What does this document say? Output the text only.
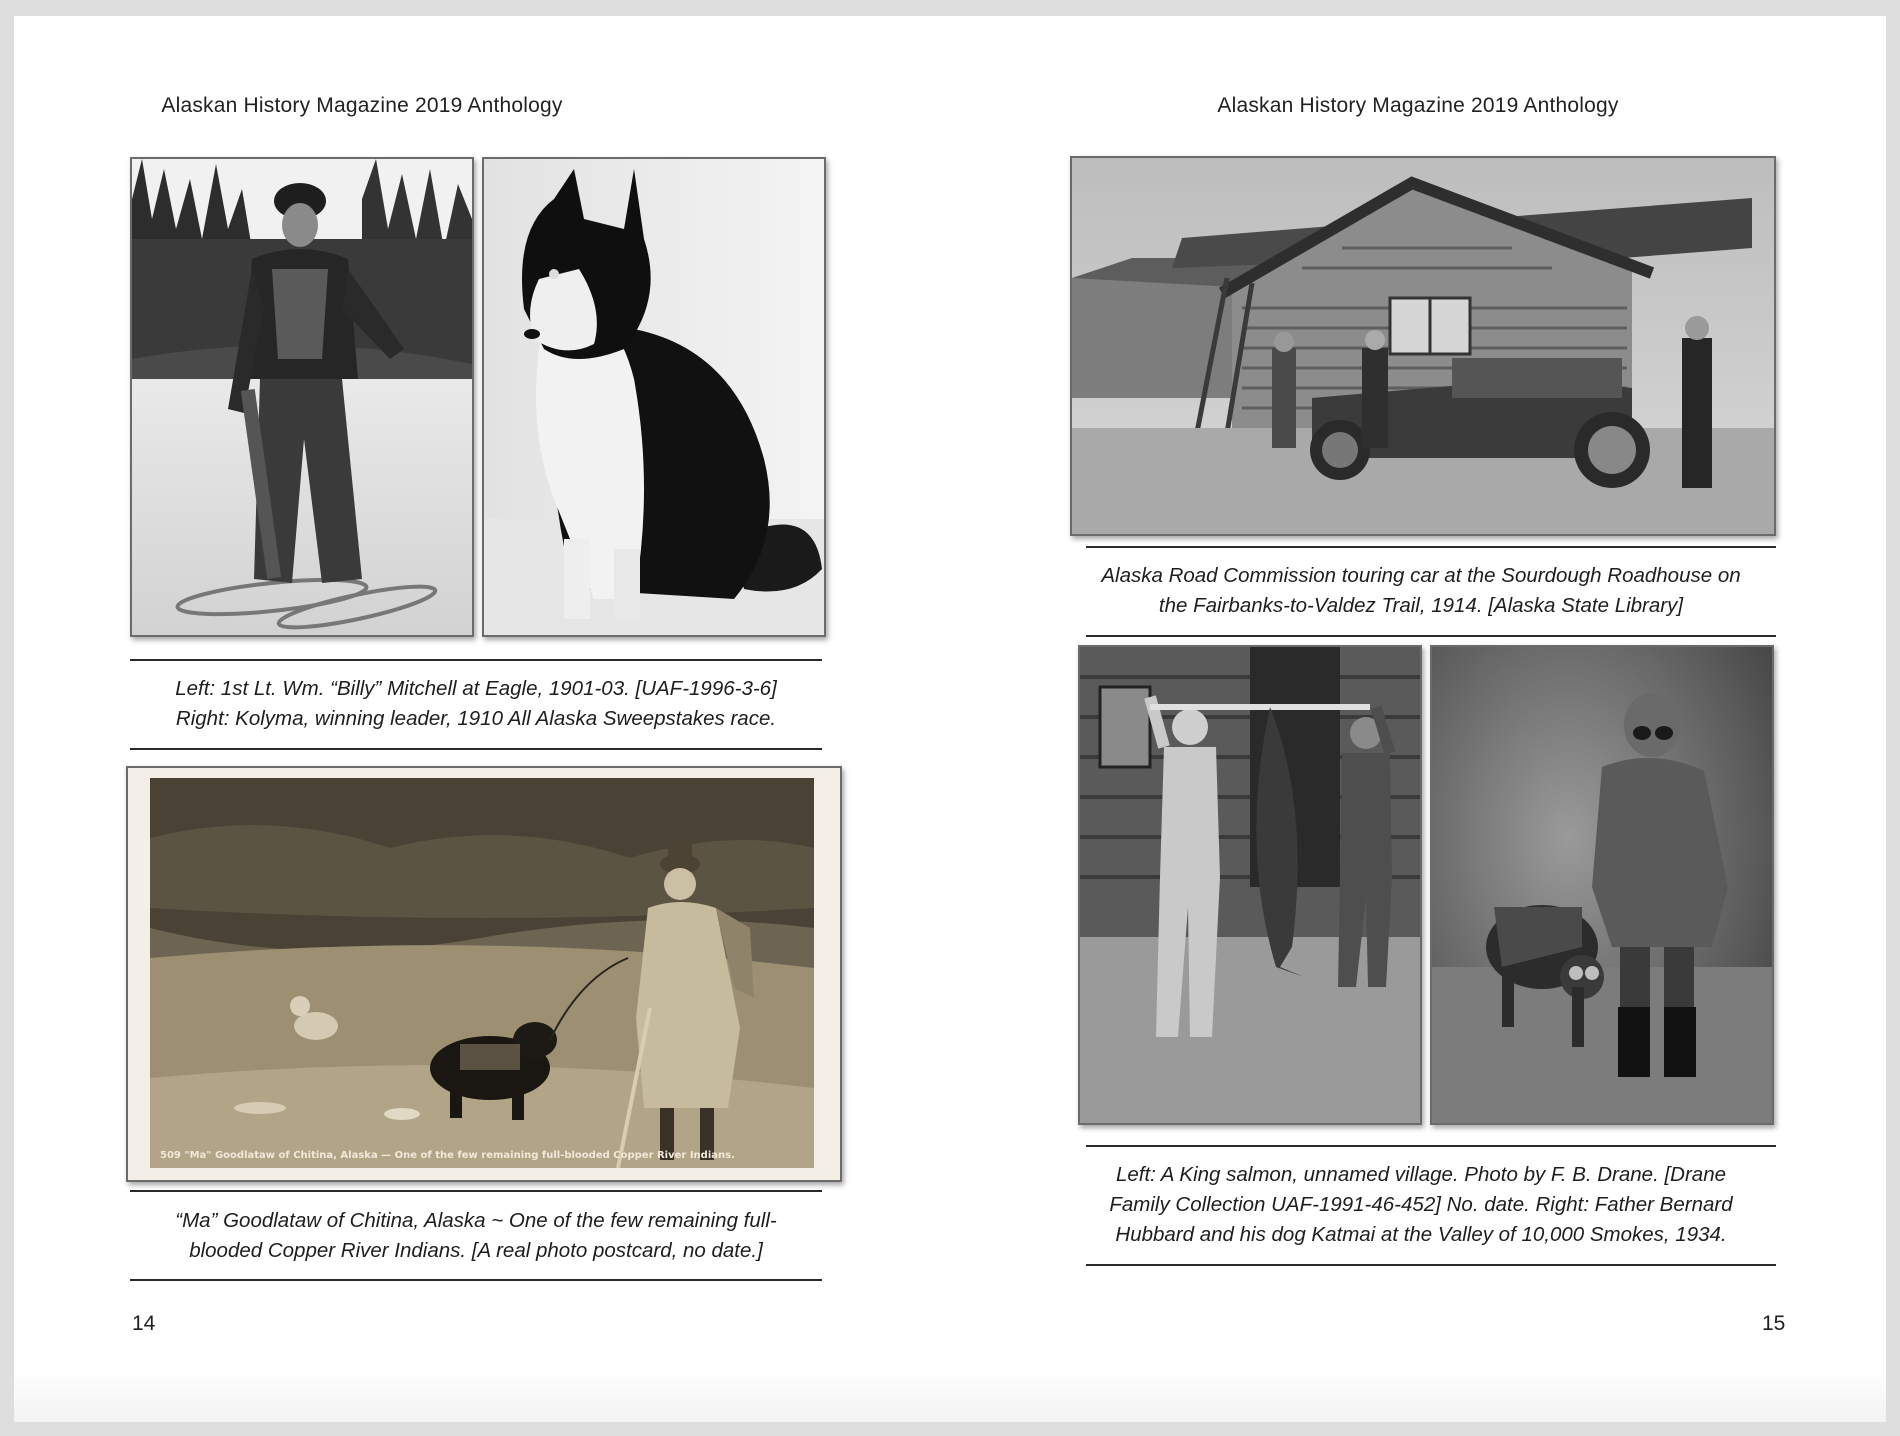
Alaskan History Magazine 2019 Anthology

Left: 1st Lt. Wm. “Billy” Mitchell at Eagle, 1901-03. [UAF-1996-3-6]

Right: Kolyma, winning leader, 1910 All Alaska Sweepstakes race.

509 "Ma" Goodlataw of Chitina, Alaska — One of the few remaining full-blooded Copper River Indians.

“Ma” Goodlataw of Chitina, Alaska ~ One of the few remaining full-

blooded Copper River Indians. [A real photo postcard, no date.]

14
Alaskan History Magazine 2019 Anthology

Alaska Road Commission touring car at the Sourdough Roadhouse on

the Fairbanks-to-Valdez Trail, 1914. [Alaska State Library]

Left: A King salmon, unnamed village. Photo by F. B. Drane. [Drane

Family Collection UAF-1991-46-452] No. date. Right: Father Bernard

Hubbard and his dog Katmai at the Valley of 10,000 Smokes, 1934.

15
